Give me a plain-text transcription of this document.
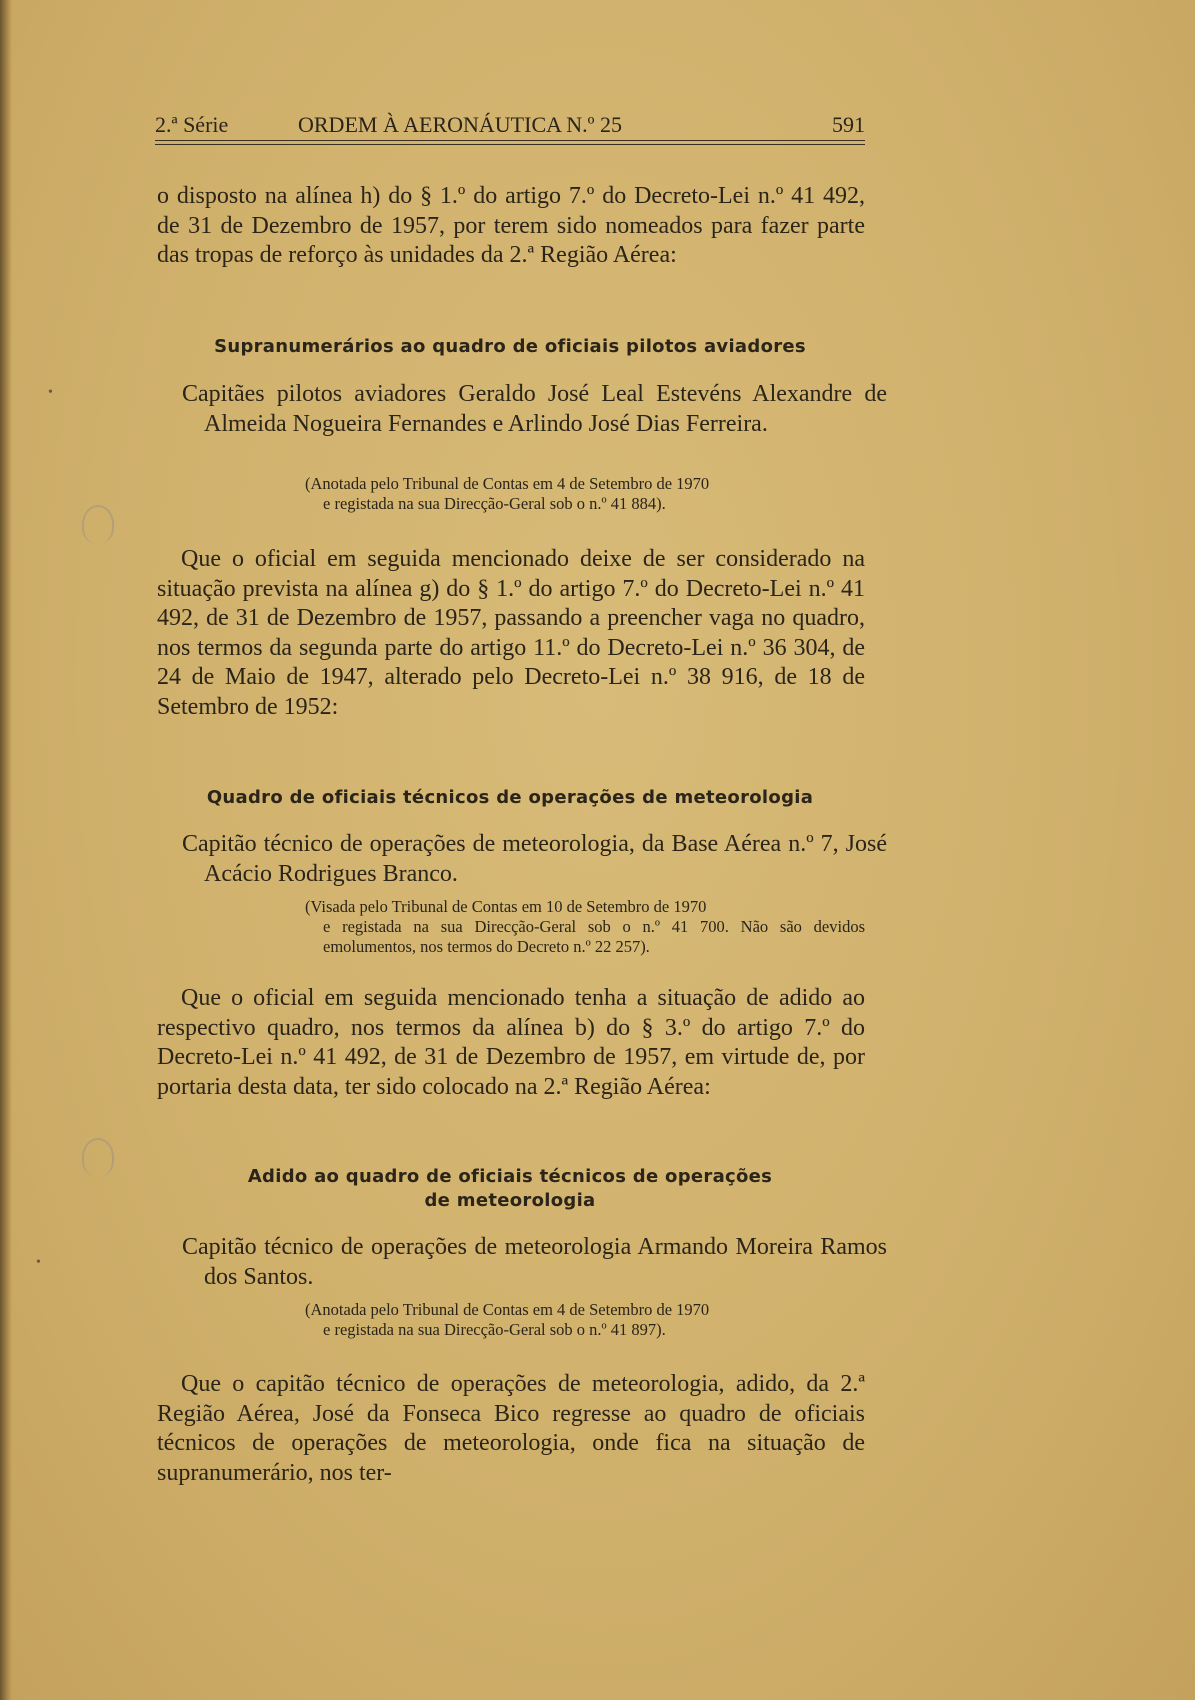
•
•
2.ª Série	ORDEM À AERONÁUTICA N.º 25	591
o disposto na alínea h) do § 1.º do artigo 7.º do Decreto-Lei n.º 41 492, de 31 de Dezembro de 1957, por terem sido nomeados para fazer parte das tropas de reforço às unidades da 2.ª Região Aérea:
Supranumerários ao quadro de oficiais pilotos aviadores
Capitães pilotos aviadores Geraldo José Leal Estevéns Alexandre de Almeida Nogueira Fernandes e Arlindo José Dias Ferreira.
(Anotada pelo Tribunal de Contas em 4 de Setembro de 1970
e registada na sua Direcção-Geral sob o n.º 41 884).
Que o oficial em seguida mencionado deixe de ser considerado na situação prevista na alínea g) do § 1.º do artigo 7.º do Decreto-Lei n.º 41 492, de 31 de Dezembro de 1957, passando a preencher vaga no quadro, nos termos da segunda parte do artigo 11.º do Decreto-Lei n.º 36 304, de 24 de Maio de 1947, alterado pelo Decreto-Lei n.º 38 916, de 18 de Setembro de 1952:
Quadro de oficiais técnicos de operações de meteorologia
Capitão técnico de operações de meteorologia, da Base Aérea n.º 7, José Acácio Rodrigues Branco.
(Visada pelo Tribunal de Contas em 10 de Setembro de 1970
e registada na sua Direcção-Geral sob o n.º 41 700. Não são devidos emolumentos, nos termos do Decreto n.º 22 257).
Que o oficial em seguida mencionado tenha a situação de adido ao respectivo quadro, nos termos da alínea b) do § 3.º do artigo 7.º do Decreto-Lei n.º 41 492, de 31 de Dezembro de 1957, em virtude de, por portaria desta data, ter sido colocado na 2.ª Região Aérea:
Adido ao quadro de oficiais técnicos de operações
de meteorologia
Capitão técnico de operações de meteorologia Armando Moreira Ramos dos Santos.
(Anotada pelo Tribunal de Contas em 4 de Setembro de 1970
e registada na sua Direcção-Geral sob o n.º 41 897).
Que o capitão técnico de operações de meteorologia, adido, da 2.ª Região Aérea, José da Fonseca Bico regresse ao quadro de oficiais técnicos de operações de meteorologia, onde fica na situação de supranumerário, nos ter-
